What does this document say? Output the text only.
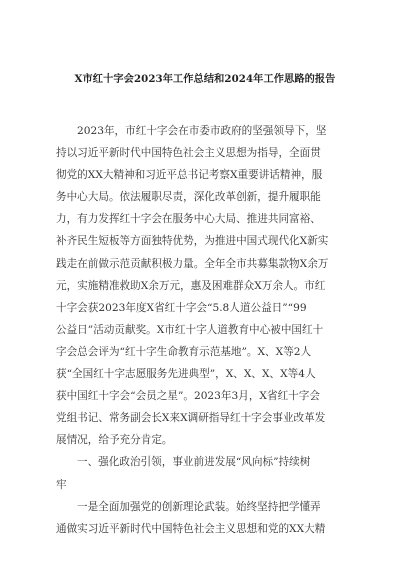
X市红十字会2023年工作总结和2024年工作思路的报告

2023年，市红十字会在市委市政府的坚强领导下，坚
持以习近平新时代中国特色社会主义思想为指导，全面贯
彻党的XX大精神和习近平总书记考察X重要讲话精神，服
务中心大局。依法履职尽责，深化改革创新，提升履职能
力，有力发挥红十字会在服务中心大局、推进共同富裕、
补齐民生短板等方面独特优势，为推进中国式现代化X新实
践走在前做示范贡献积极力量。全年全市共募集款物X余万
元，实施精准救助X余万元，惠及困难群众X万余人。市红
十字会获2023年度X省红十字会“5.8人道公益日”“99
公益日”活动贡献奖。X市红十字人道教育中心被中国红十
字会总会评为“红十字生命教育示范基地”。X、X等2人
获“全国红十字志愿服务先进典型”，X、X、X、X等4人
获中国红十字会“会员之星”。2023年3月，X省红十字会
党组书记、常务副会长X来X调研指导红十字会事业改革发
展情况，给予充分肯定。

一、强化政治引领，事业前进发展“风向标”持续树
牢

一是全面加强党的创新理论武装。始终坚持把学懂弄
通做实习近平新时代中国特色社会主义思想和党的XX大精
